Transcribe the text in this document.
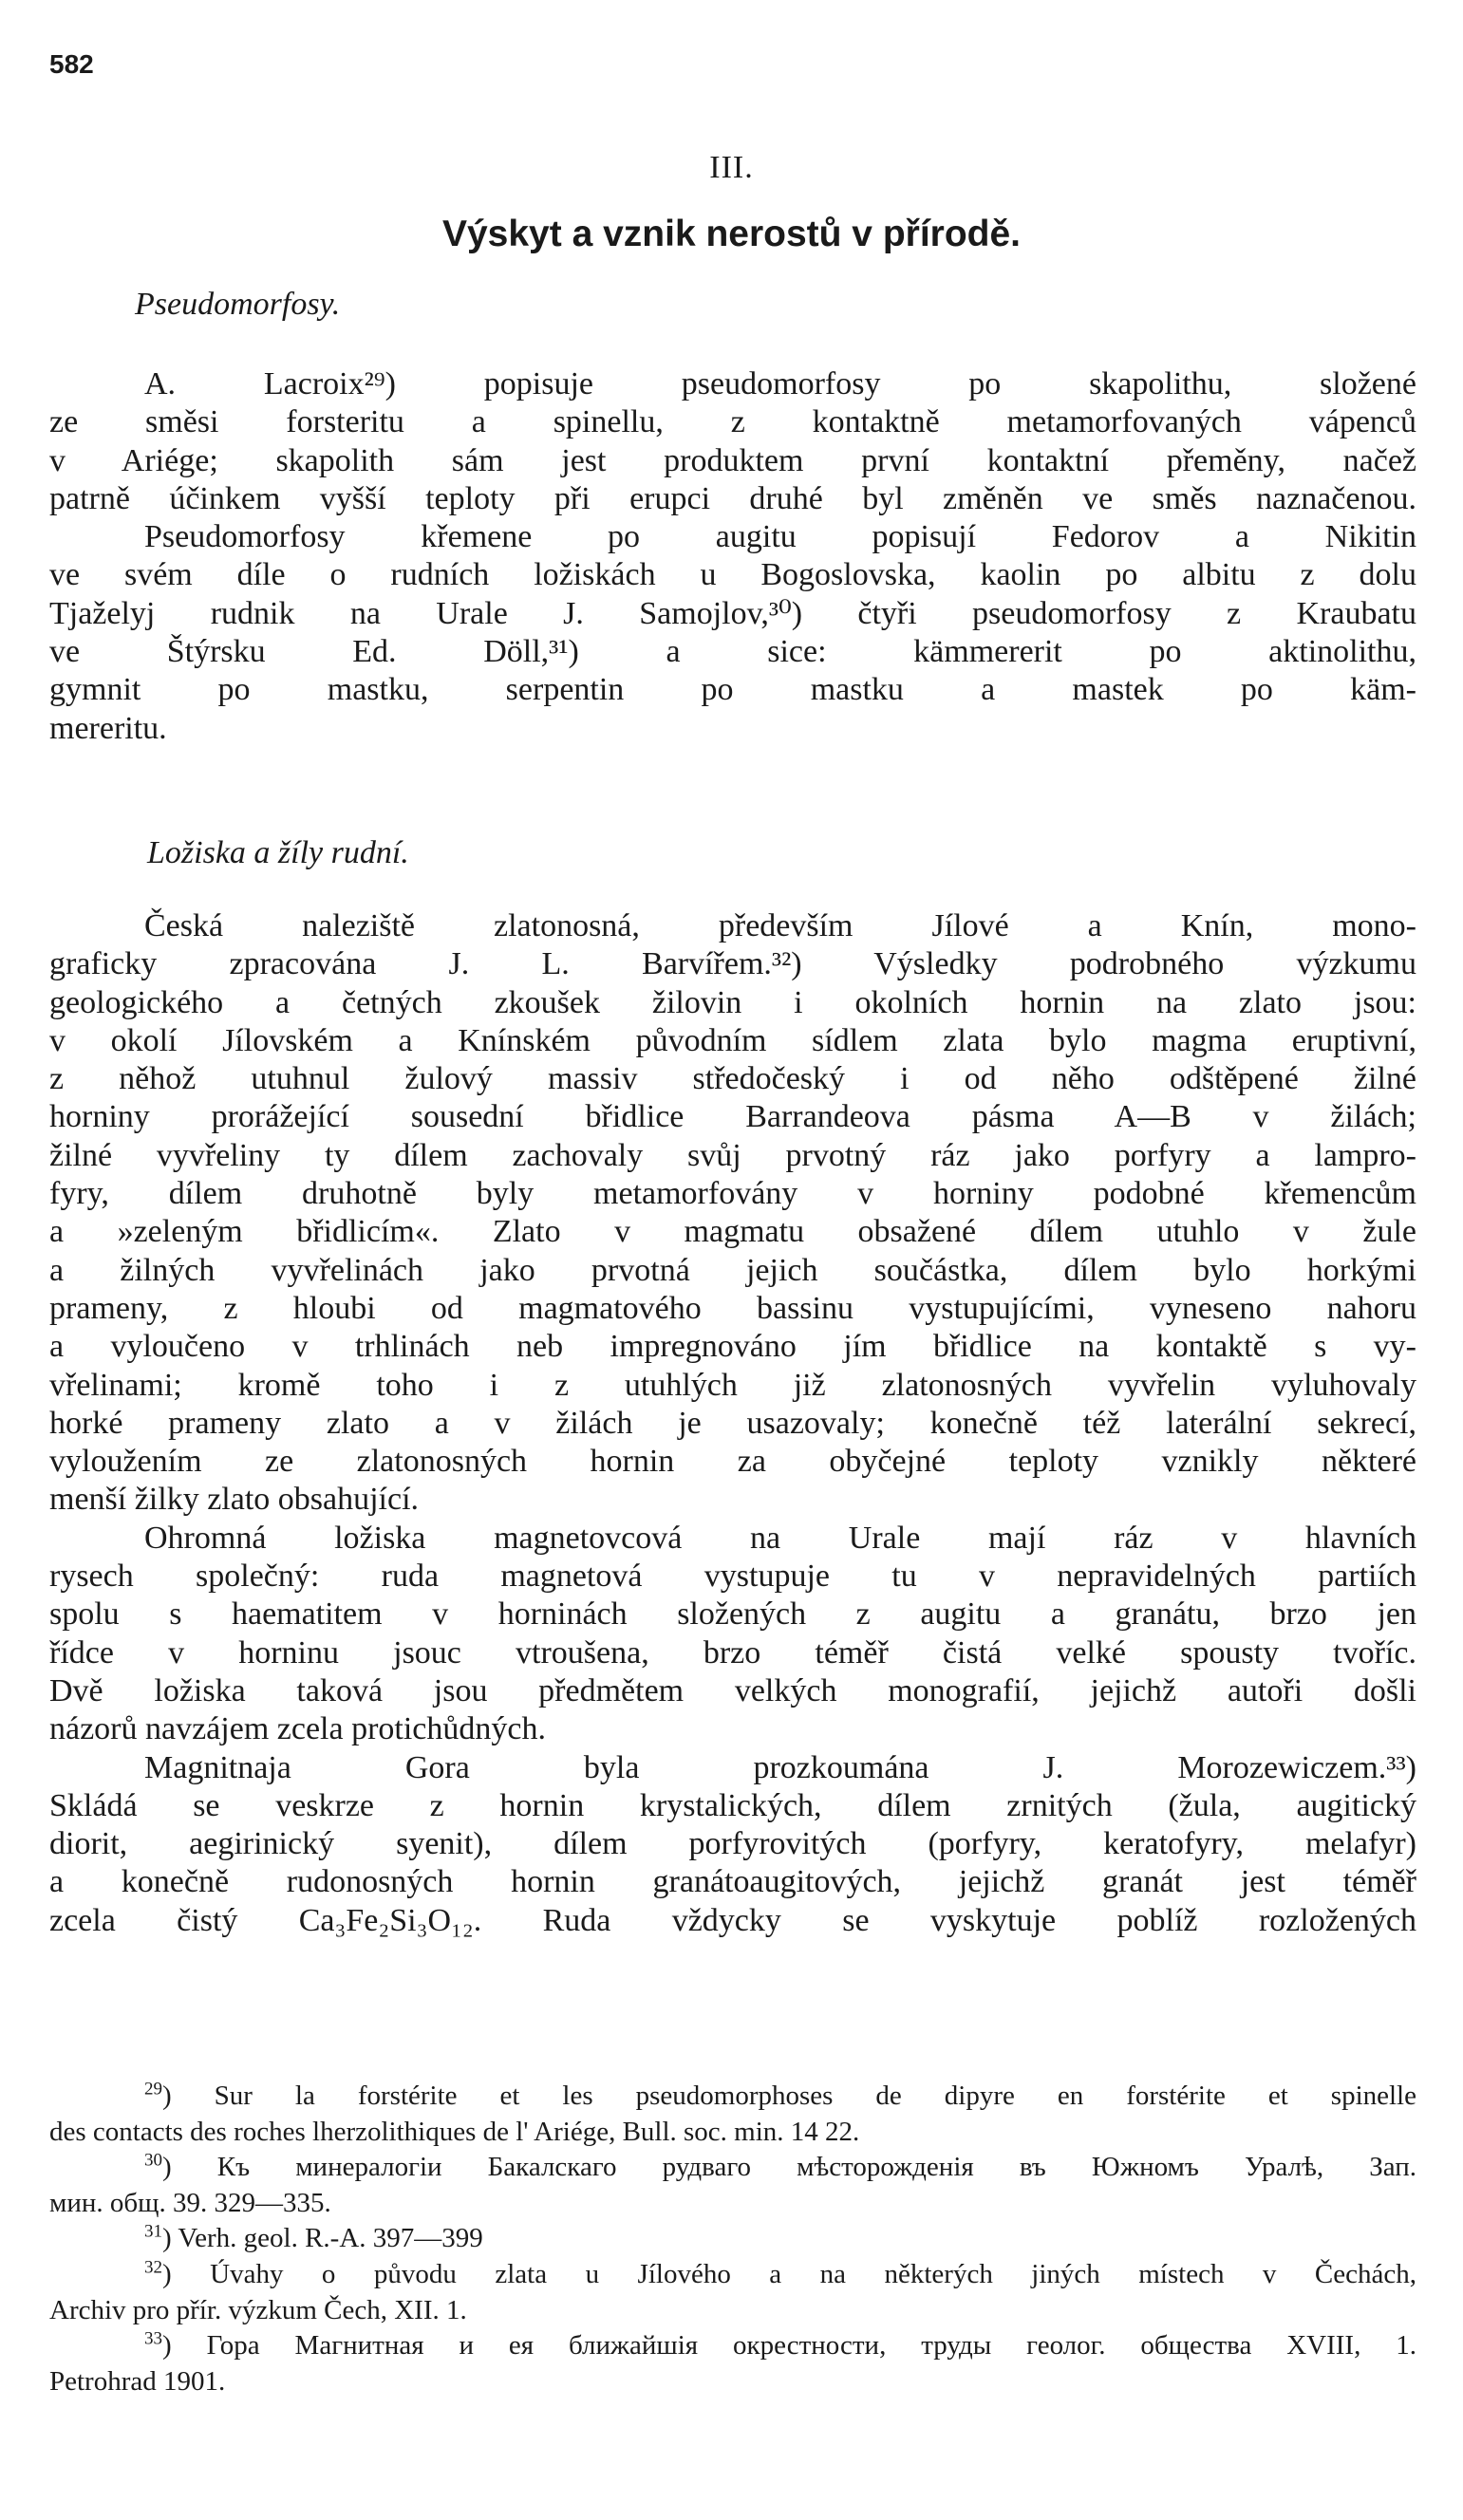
582
III.
Výskyt a vznik nerostů v přírodě.
Pseudomorfosy.
A. Lacroix²⁹) popisuje pseudomorfosy po skapolithu, složené
ze směsi forsteritu a spinellu, z kontaktně metamorfovaných vápenců
v Ariége; skapolith sám jest produktem první kontaktní přeměny, načež
patrně účinkem vyšší teploty při erupci druhé byl změněn ve směs naznačenou.
Pseudomorfosy křemene po augitu popisují Fedorov a Nikitin
ve svém díle o rudních ložiskách u Bogoslovska, kaolin po albitu z dolu
Tjaželyj rudnik na Urale J. Samojlov,³⁰) čtyři pseudomorfosy z Kraubatu
ve Štýrsku Ed. Döll,³¹) a sice: kämmererit po aktinolithu,
gymnit po mastku, serpentin po mastku a mastek po käm-
mereritu.
Ložiska a žíly rudní.
Česká naleziště zlatonosná, především Jílové a Knín, mono-
graficky zpracována J. L. Barvířem.³²) Výsledky podrobného výzkumu
geologického a četných zkoušek žilovin i okolních hornin na zlato jsou:
v okolí Jílovském a Knínském původním sídlem zlata bylo magma eruptivní,
z něhož utuhnul žulový massiv středočeský i od něho odštěpené žilné
horniny prorážející sousední břidlice Barrandeova pásma A—B v žilách;
žilné vyvřeliny ty dílem zachovaly svůj prvotný ráz jako porfyry a lampro-
fyry, dílem druhotně byly metamorfovány v horniny podobné křemencům
a »zeleným břidlicím«. Zlato v magmatu obsažené dílem utuhlo v žule
a žilných vyvřelinách jako prvotná jejich součástka, dílem bylo horkými
prameny, z hloubi od magmatového bassinu vystupujícími, vyneseno nahoru
a vyloučeno v trhlinách neb impregnováno jím břidlice na kontaktě s vy-
vřelinami; kromě toho i z utuhlých již zlatonosných vyvřelin vyluhovaly
horké prameny zlato a v žilách je usazovaly; konečně též laterální sekrecí,
vyloužením ze zlatonosných hornin za obyčejné teploty vznikly některé
menší žilky zlato obsahující.
Ohromná ložiska magnetovcová na Urale mají ráz v hlavních
rysech společný: ruda magnetová vystupuje tu v nepravidelných partiích
spolu s haematitem v horninách složených z augitu a granátu, brzo jen
řídce v horninu jsouc vtroušena, brzo téměř čistá velké spousty tvoříc.
Dvě ložiska taková jsou předmětem velkých monografií, jejichž autoři došli
názorů navzájem zcela protichůdných.
Magnitnaja Gora byla prozkoumána J. Morozewiczem.³³)
Skládá se veskrze z hornin krystalických, dílem zrnitých (žula, augitický
diorit, aegirinický syenit), dílem porfyrovitých (porfyry, keratofyry, melafyr)
a konečně rudonosných hornin granátoaugitových, jejichž granát jest téměř
zcela čistý Ca₃Fe₂Si₃O₁₂. Ruda vždycky se vyskytuje poblíž rozložených
$^{29}$) Sur la forstérite et les pseudomorphoses de dipyre en forstérite et spinelle
des contacts des roches lherzolithiques de l' Ariége, Bull. soc. min. 14 22.
$^{30}$) Къ минералогiи Бакалскаго рудваго мѣсторожденiя въ Южномъ Уралѣ, Зап.
мин. общ. 39. 329—335.
$^{31}$) Verh. geol. R.-A. 397—399
$^{32}$) Úvahy o původu zlata u Jílového a na některých jiných místech v Čechách,
Archiv pro přír. výzkum Čech, XII. 1.
$^{33}$) Гора Магнитная и ея ближайшiя окрестности, труды геолог. общества XVIII, 1.
Petrohrad 1901.
